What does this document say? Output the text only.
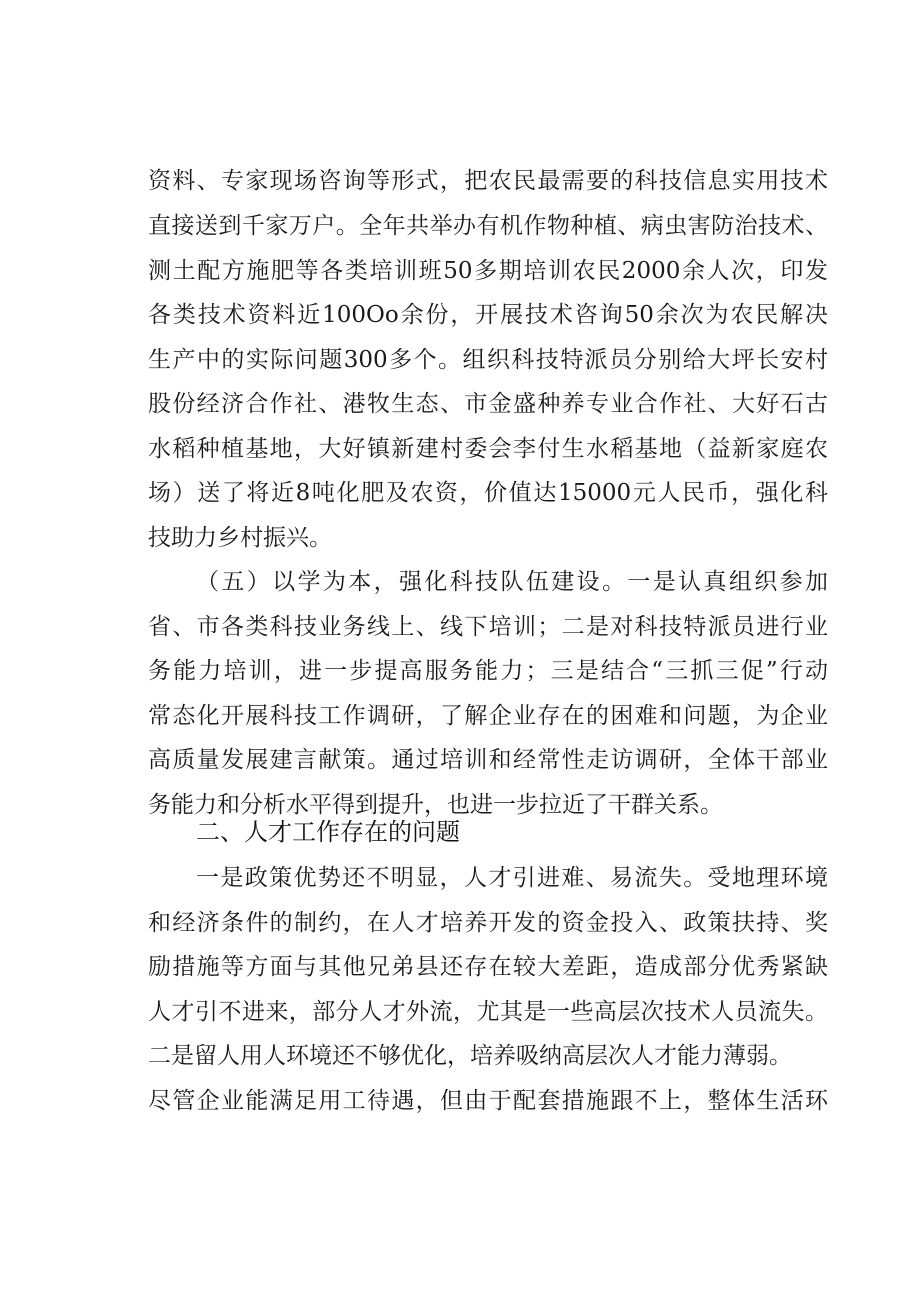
资料、专家现场咨询等形式，把农民最需要的科技信息实用技术
直接送到千家万户。全年共举办有机作物种植、病虫害防治技术、
测土配方施肥等各类培训班50多期培训农民2000余人次，印发
各类技术资料近100Oo余份，开展技术咨询50余次为农民解决
生产中的实际问题300多个。组织科技特派员分别给大坪长安村
股份经济合作社、港牧生态、市金盛种养专业合作社、大好石古
水稻种植基地，大好镇新建村委会李付生水稻基地（益新家庭农
场）送了将近8吨化肥及农资，价值达15000元人民币，强化科
技助力乡村振兴。
（五）以学为本，强化科技队伍建设。一是认真组织参加
省、市各类科技业务线上、线下培训；二是对科技特派员进行业
务能力培训，进一步提高服务能力；三是结合“三抓三促”行动
常态化开展科技工作调研，了解企业存在的困难和问题，为企业
高质量发展建言献策。通过培训和经常性走访调研，全体干部业
务能力和分析水平得到提升，也进一步拉近了干群关系。
二、人才工作存在的问题
一是政策优势还不明显，人才引进难、易流失。受地理环境
和经济条件的制约，在人才培养开发的资金投入、政策扶持、奖
励措施等方面与其他兄弟县还存在较大差距，造成部分优秀紧缺
人才引不进来，部分人才外流，尤其是一些高层次技术人员流失。
二是留人用人环境还不够优化，培养吸纳高层次人才能力薄弱。
尽管企业能满足用工待遇，但由于配套措施跟不上，整体生活环
